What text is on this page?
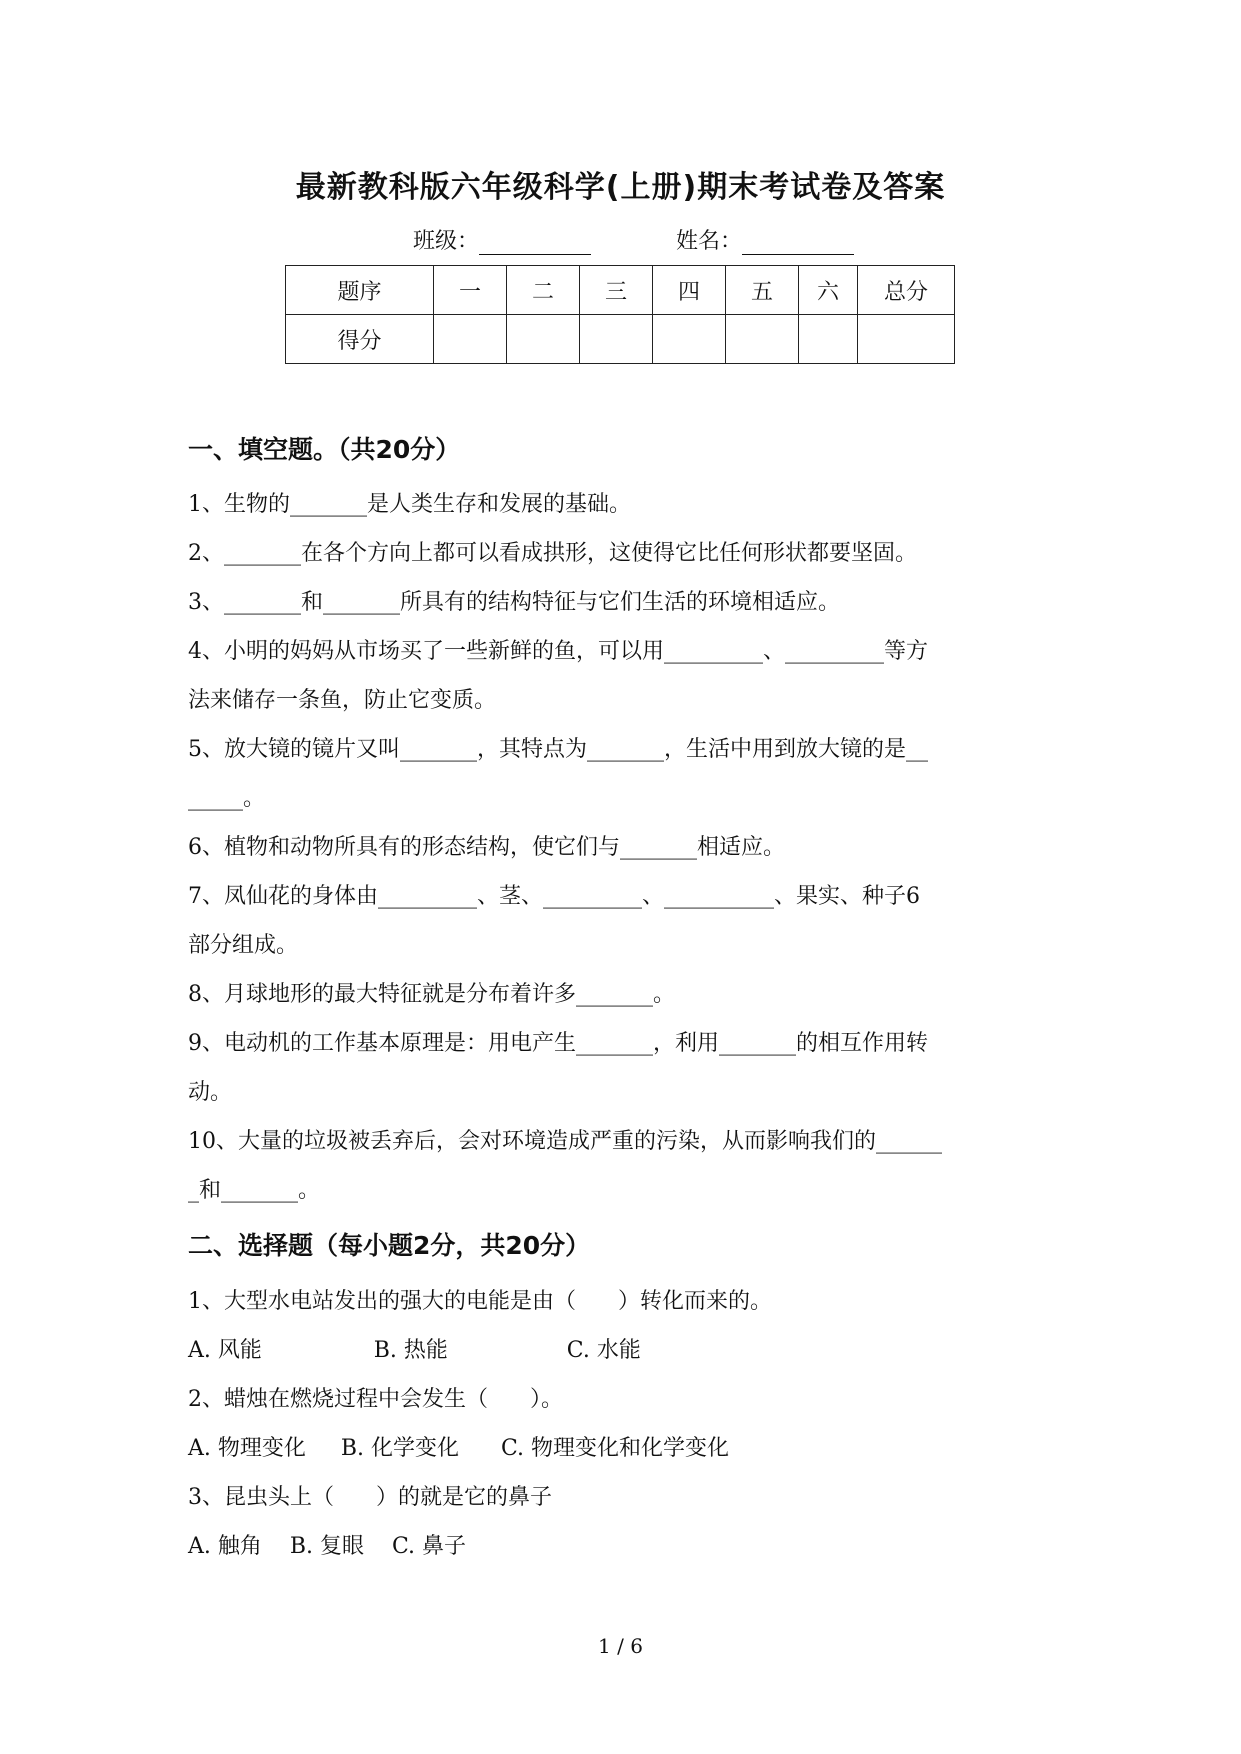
最新教科版六年级科学(上册)期末考试卷及答案
班级：	姓名：
题序	一	二	三	四	五	六	总分
得分							
一、填空题。（共20分）
1、生物的_______是人类生存和发展的基础。
2、_______在各个方向上都可以看成拱形，这使得它比任何形状都要坚固。
3、_______和_______所具有的结构特征与它们生活的环境相适应。
4、小明的妈妈从市场买了一些新鲜的鱼，可以用_________、_________等方
法来储存一条鱼，防止它变质。
5、放大镜的镜片又叫_______，其特点为_______，生活中用到放大镜的是__
_____。
6、植物和动物所具有的形态结构，使它们与_______相适应。
7、凤仙花的身体由_________、茎、_________、__________、果实、种子6
部分组成。
8、月球地形的最大特征就是分布着许多_______。
9、电动机的工作基本原理是：用电产生_______，利用_______的相互作用转
动。
10、大量的垃圾被丢弃后，会对环境造成严重的污染，从而影响我们的______
_和_______。
二、选择题（每小题2分，共20分）
1、大型水电站发出的强大的电能是由（      ）转化而来的。
A. 风能                B. 热能                 C. 水能
2、蜡烛在燃烧过程中会发生（      ）。
A. 物理变化     B. 化学变化      C. 物理变化和化学变化
3、昆虫头上（      ）的就是它的鼻子
A. 触角    B. 复眼    C. 鼻子
1 / 6
